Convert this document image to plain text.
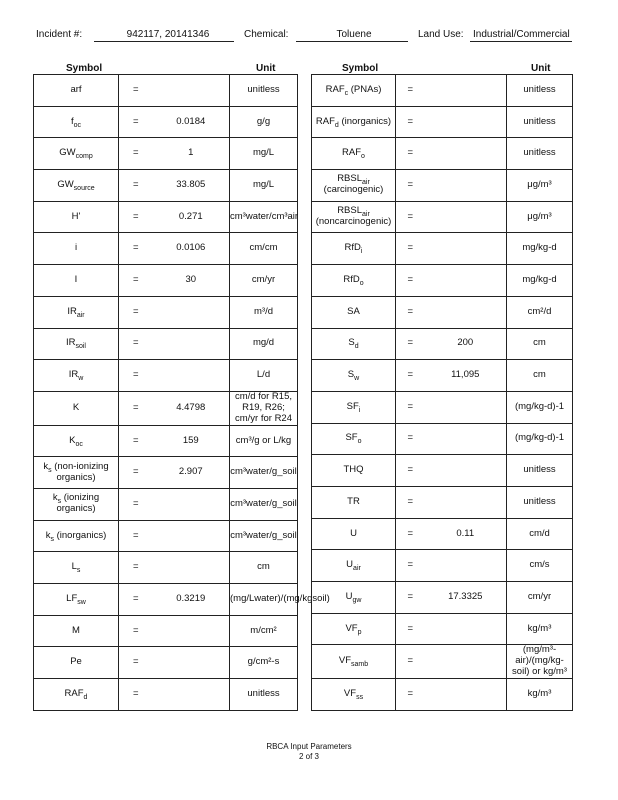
Incident #:	942117, 20141346	Chemical:	Toluene	Land Use: Industrial/Commercial
Symbol	Unit	Symbol	Unit
arf	=		unitless
$f_{oc}$	=	0.0184	g/g
$GW_{comp}$	=	1	mg/L
$GW_{source}$	=	33.805	mg/L
H'	=	0.271	cm³water/cm³air
i	=	0.0106	cm/cm
I	=	30	cm/yr
$IR_{air}$	=		m³/d
$IR_{soil}$	=		mg/d
$IR_w$	=		L/d
K	=	4.4798	cm/d for R15, R19, R26; cm/yr for R24
$K_{oc}$	=	159	cm³/g or L/kg
$k_s$ (non-ionizing organics)	=	2.907	cm³water/g_soil
$k_s$ (ionizing organics)	=		cm³water/g_soil
$k_s$ (inorganics)	=		cm³water/g_soil
$L_s$	=		cm
$LF_{sw}$	=	0.3219	(mg/Lwater)/(mg/kgsoil)
M	=		m/cm²
Pe	=		g/cm²-s
$RAF_d$	=		unitless
$RAF_c$ (PNAs)	=		unitless
$RAF_d$ (inorganics)	=		unitless
$RAF_o$	=		unitless
$RBSL_{air}$ (carcinogenic)	=		μg/m³
$RBSL_{air}$ (noncarcinogenic)	=		μg/m³
RfD$_i$	=		mg/kg-d
RfD$_o$	=		mg/kg-d
SA	=		cm²/d
$S_d$	=	200	cm
$S_w$	=	11,095	cm
$SF_i$	=		(mg/kg-d)-1
$SF_o$	=		(mg/kg-d)-1
THQ	=		unitless
TR	=		unitless
U	=	0.11	cm/d
$U_{air}$	=		cm/s
$U_{gw}$	=	17.3325	cm/yr
$VF_p$	=		kg/m³
$VF_{samb}$	=		(mg/m³-air)/(mg/kg-soil) or kg/m³
$VF_{ss}$	=		kg/m³
RBCA Input Parameters
2 of 3
